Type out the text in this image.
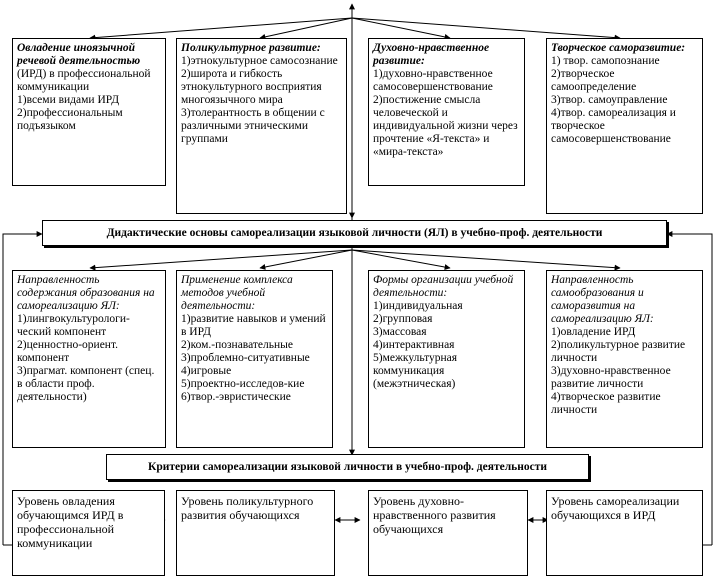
Овладение иноязычной речевой деятельностью
(ИРД) в профессиональной коммуникации
1)всеми видами ИРД
2)профессиональным подъязыком
Поликультурное развитие:
1)этнокультурное самосознание
2)широта и гибкость этнокультурного восприятия многоязычного мира
3)толерантность в общении с различными этническими группами
Духовно-нравственное развитие:
1)духовно-нравственное самосовершенствование
2)постижение смысла человеческой и индивидуальной жизни через прочтение «Я-текста» и «мира-текста»
Творческое саморазвитие:
1) твор. самопознание
2)творческое самоопределение
3)твор. самоуправление
4)твор. самореализация и творческое самосовершенствование
Дидактические основы самореализации языковой личности (ЯЛ) в учебно-проф. деятельности
Направленность содержания образования на самореализацию ЯЛ:
1)лингвокультурологи-ческий компонент
2)ценностно-ориент. компонент
3)прагмат. компонент (спец. в области проф. деятельности)
Применение комплекса методов учебной деятельности:
1)развитие навыков и умений в ИРД
2)ком.-познавательные
3)проблемно-ситуативные
4)игровые
5)проектно-исследов-кие
6)твор.-эвристические
Формы организации учебной деятельности:
1)индивидуальная
2)групповая
3)массовая
4)интерактивная
5)межкультурная коммуникация (межэтническая)
Направленность самообразования и саморазвития на самореализацию ЯЛ:
1)овладение ИРД
2)поликультурное развитие личности
3)духовно-нравственное развитие личности
4)творческое развитие личности
Критерии самореализации языковой личности в учебно-проф. деятельности
Уровень овладения обучающимся ИРД в профессиональной коммуникации
Уровень поликультурного развития обучающихся
Уровень духовно-нравственного развития обучающихся
Уровень самореализации обучающихся в ИРД
